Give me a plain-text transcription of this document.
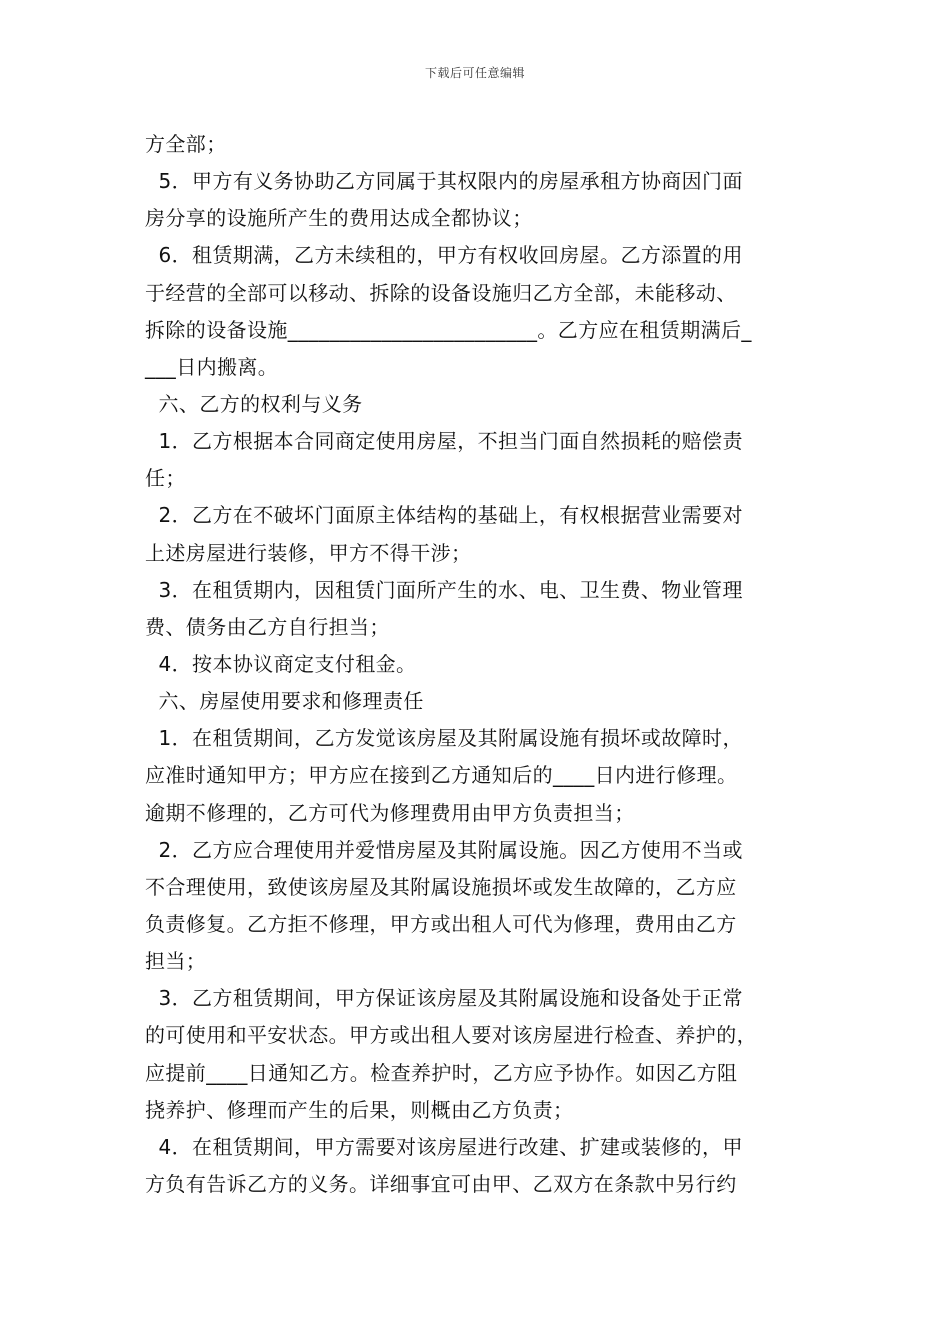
下载后可任意编辑
方全部；
5．甲方有义务协助乙方同属于其权限内的房屋承租方协商因门面
房分享的设施所产生的费用达成全都协议；
6．租赁期满，乙方未续租的，甲方有权收回房屋。乙方添置的用
于经营的全部可以移动、拆除的设备设施归乙方全部，未能移动、
拆除的设备设施________________________。乙方应在租赁期满后_
___日内搬离。
六、乙方的权利与义务
1．乙方根据本合同商定使用房屋，不担当门面自然损耗的赔偿责
任；
2．乙方在不破坏门面原主体结构的基础上，有权根据营业需要对
上述房屋进行装修，甲方不得干涉；
3．在租赁期内，因租赁门面所产生的水、电、卫生费、物业管理
费、债务由乙方自行担当；
4．按本协议商定支付租金。
六、房屋使用要求和修理责任
1．在租赁期间，乙方发觉该房屋及其附属设施有损坏或故障时，
应准时通知甲方；甲方应在接到乙方通知后的____日内进行修理。
逾期不修理的，乙方可代为修理费用由甲方负责担当；
2．乙方应合理使用并爱惜房屋及其附属设施。因乙方使用不当或
不合理使用，致使该房屋及其附属设施损坏或发生故障的，乙方应
负责修复。乙方拒不修理，甲方或出租人可代为修理，费用由乙方
担当；
3．乙方租赁期间，甲方保证该房屋及其附属设施和设备处于正常
的可使用和平安状态。甲方或出租人要对该房屋进行检查、养护的，
应提前____日通知乙方。检查养护时，乙方应予协作。如因乙方阻
挠养护、修理而产生的后果，则概由乙方负责；
4．在租赁期间，甲方需要对该房屋进行改建、扩建或装修的，甲
方负有告诉乙方的义务。详细事宜可由甲、乙双方在条款中另行约
